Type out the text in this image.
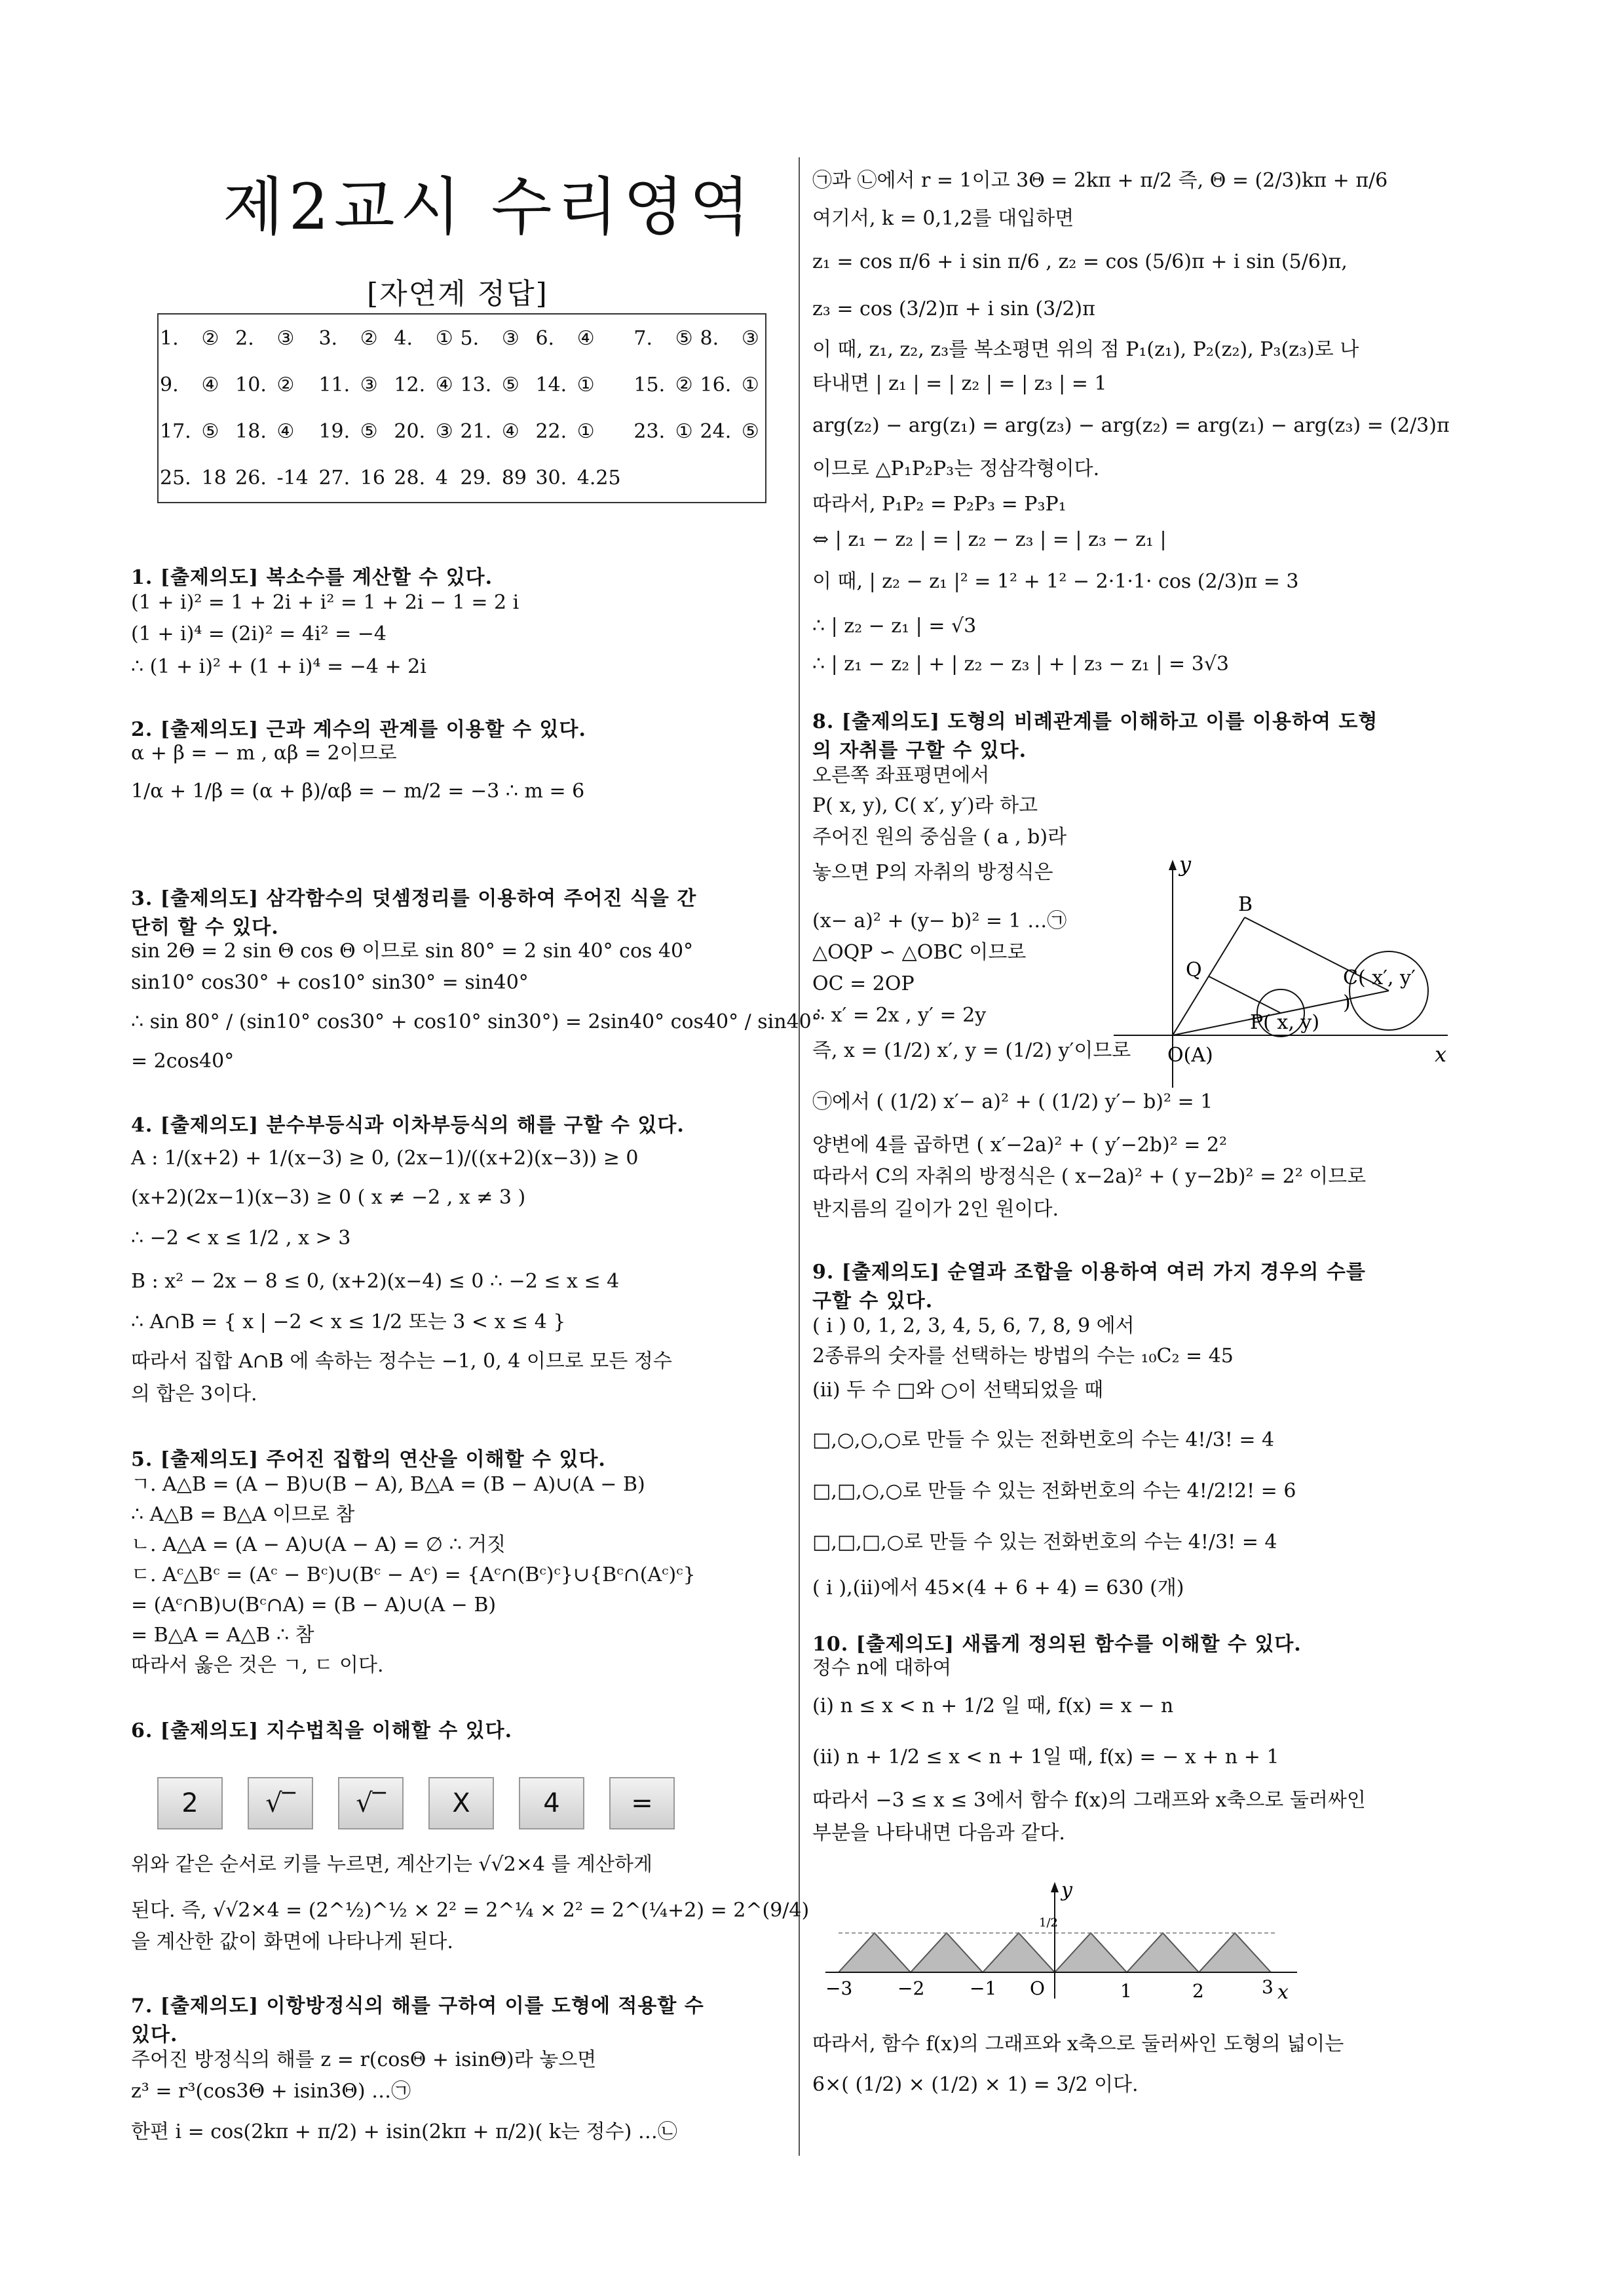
제2교시 수리영역
[자연계 정답]
1.	②	2.	③	3.	②	4.	①	5.	③	6.	④	7.	⑤	8.	③
9.	④	10.	②	11.	③	12.	④	13.	⑤	14.	①	15.	②	16.	①
17.	⑤	18.	④	19.	⑤	20.	③	21.	④	22.	①	23.	①	24.	⑤
25.	18	26.	-14	27.	16	28.	4	29.	89	30.	4.25				
1. [출제의도] 복소수를 계산할 수 있다.
(1 + i)² = 1 + 2i + i² = 1 + 2i − 1 = 2 i
(1 + i)⁴ = (2i)² = 4i² = −4
∴ (1 + i)² + (1 + i)⁴ = −4 + 2i
2. [출제의도] 근과 계수의 관계를 이용할 수 있다.
α + β = − m , αβ = 2이므로
1/α + 1/β = (α + β)/αβ = − m/2 = −3 ∴ m = 6
3. [출제의도] 삼각함수의 덧셈정리를 이용하여 주어진 식을 간
단히 할 수 있다.
sin 2Θ = 2 sin Θ cos Θ 이므로 sin 80° = 2 sin 40° cos 40°
sin10° cos30° + cos10° sin30° = sin40°
∴ sin 80° / (sin10° cos30° + cos10° sin30°) = 2sin40° cos40° / sin40°
= 2cos40°
4. [출제의도] 분수부등식과 이차부등식의 해를 구할 수 있다.
A : 1/(x+2) + 1/(x−3) ≥ 0, (2x−1)/((x+2)(x−3)) ≥ 0
(x+2)(2x−1)(x−3) ≥ 0 ( x ≠ −2 , x ≠ 3 )
∴ −2 < x ≤ 1/2 , x > 3
B : x² − 2x − 8 ≤ 0, (x+2)(x−4) ≤ 0 ∴ −2 ≤ x ≤ 4
∴ A∩B = { x | −2 < x ≤ 1/2 또는 3 < x ≤ 4 }
따라서 집합 A∩B 에 속하는 정수는 −1, 0, 4 이므로 모든 정수
의 합은 3이다.
5. [출제의도] 주어진 집합의 연산을 이해할 수 있다.
ㄱ. A△B = (A − B)∪(B − A), B△A = (B − A)∪(A − B)
∴ A△B = B△A 이므로 참
ㄴ. A△A = (A − A)∪(A − A) = ∅ ∴ 거짓
ㄷ. Aᶜ△Bᶜ = (Aᶜ − Bᶜ)∪(Bᶜ − Aᶜ) = {Aᶜ∩(Bᶜ)ᶜ}∪{Bᶜ∩(Aᶜ)ᶜ}
= (Aᶜ∩B)∪(Bᶜ∩A) = (B − A)∪(A − B)
= B△A = A△B ∴ 참
따라서 옳은 것은 ㄱ, ㄷ 이다.
6. [출제의도] 지수법칙을 이해할 수 있다.
위와 같은 순서로 키를 누르면, 계산기는 √√2×4 를 계산하게
된다. 즉, √√2×4 = (2^½)^½ × 2² = 2^¼ × 2² = 2^(¼+2) = 2^(9/4)
을 계산한 값이 화면에 나타나게 된다.
7. [출제의도] 이항방정식의 해를 구하여 이를 도형에 적용할 수
있다.
주어진 방정식의 해를 z = r(cosΘ + isinΘ)라 놓으면
z³ = r³(cos3Θ + isin3Θ) …㉠
한편 i = cos(2kπ + π/2) + isin(2kπ + π/2)( k는 정수) …㉡
㉠과 ㉡에서 r = 1이고 3Θ = 2kπ + π/2 즉, Θ = (2/3)kπ + π/6
여기서, k = 0,1,2를 대입하면
z₁ = cos π/6 + i sin π/6 , z₂ = cos (5/6)π + i sin (5/6)π,
z₃ = cos (3/2)π + i sin (3/2)π
이 때, z₁, z₂, z₃를 복소평면 위의 점 P₁(z₁), P₂(z₂), P₃(z₃)로 나
타내면 | z₁ | = | z₂ | = | z₃ | = 1
arg(z₂) − arg(z₁) = arg(z₃) − arg(z₂) = arg(z₁) − arg(z₃) = (2/3)π
이므로 △P₁P₂P₃는 정삼각형이다.
따라서, P₁P₂ = P₂P₃ = P₃P₁
⇔ | z₁ − z₂ | = | z₂ − z₃ | = | z₃ − z₁ |
이 때, | z₂ − z₁ |² = 1² + 1² − 2·1·1· cos (2/3)π = 3
∴ | z₂ − z₁ | = √3
∴ | z₁ − z₂ | + | z₂ − z₃ | + | z₃ − z₁ | = 3√3
8. [출제의도] 도형의 비례관계를 이해하고 이를 이용하여 도형
의 자취를 구할 수 있다.
오른쪽 좌표평면에서
P( x, y), C( x′, y′)라 하고
주어진 원의 중심을 ( a , b)라
놓으면 P의 자취의 방정식은
(x− a)² + (y− b)² = 1 …㉠
△OQP ∽ △OBC 이므로
OC = 2OP
∴ x′ = 2x , y′ = 2y
즉, x = (1/2) x′, y = (1/2) y′이므로
㉠에서 ( (1/2) x′− a)² + ( (1/2) y′− b)² = 1
양변에 4를 곱하면 ( x′−2a)² + ( y′−2b)² = 2²
따라서 C의 자취의 방정식은 ( x−2a)² + ( y−2b)² = 2² 이므로
반지름의 길이가 2인 원이다.
9. [출제의도] 순열과 조합을 이용하여 여러 가지 경우의 수를
구할 수 있다.
( i ) 0, 1, 2, 3, 4, 5, 6, 7, 8, 9 에서
2종류의 숫자를 선택하는 방법의 수는 ₁₀C₂ = 45
(ii) 두 수 □와 ○이 선택되었을 때
□,○,○,○로 만들 수 있는 전화번호의 수는 4!/3! = 4
□,□,○,○로 만들 수 있는 전화번호의 수는 4!/2!2! = 6
□,□,□,○로 만들 수 있는 전화번호의 수는 4!/3! = 4
( i ),(ii)에서 45×(4 + 6 + 4) = 630 (개)
10. [출제의도] 새롭게 정의된 함수를 이해할 수 있다.
정수 n에 대하여
(i) n ≤ x < n + 1/2 일 때, f(x) = x − n
(ii) n + 1/2 ≤ x < n + 1일 때, f(x) = − x + n + 1
따라서 −3 ≤ x ≤ 3에서 함수 f(x)의 그래프와 x축으로 둘러싸인
부분을 나타내면 다음과 같다.
따라서, 함수 f(x)의 그래프와 x축으로 둘러싸인 도형의 넓이는
6×( (1/2) × (1/2) × 1) = 3/2 이다.
2	√‾	√‾	X	4	=
y
B
Q	C( x′, y′
)
P( x, y)
O(A)	x
y
1/2
−3 −2 −1 O	1	2	3 x
